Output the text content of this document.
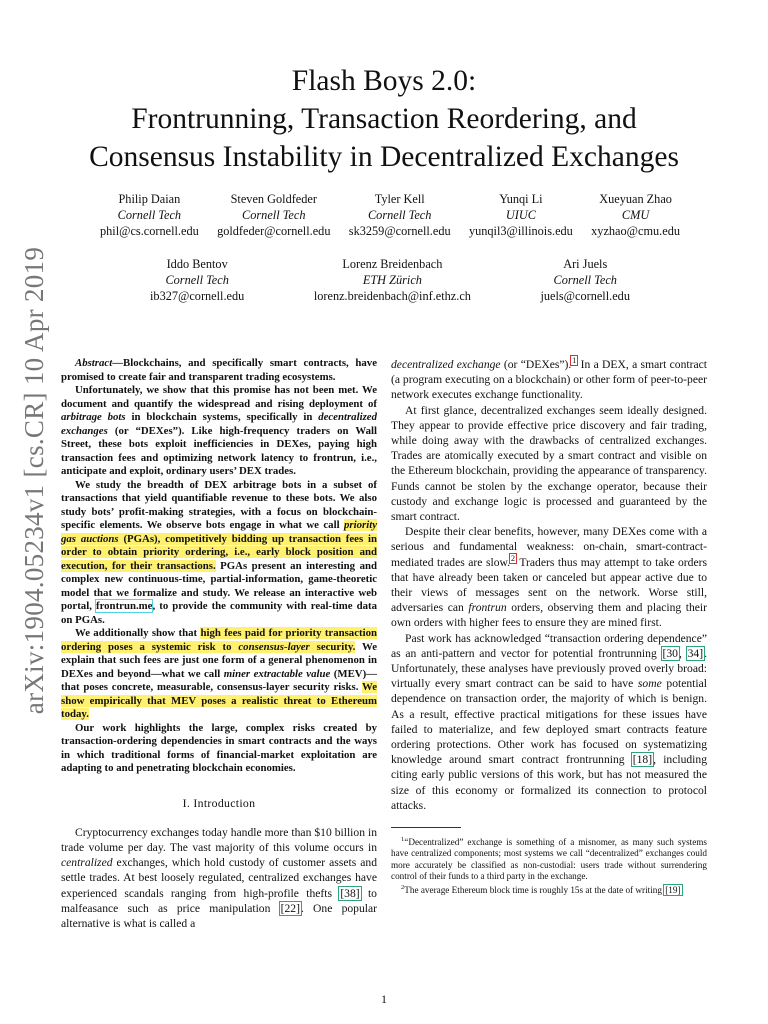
arXiv:1904.05234v1 [cs.CR] 10 Apr 2019
Flash Boys 2.0:
Frontrunning, Transaction Reordering, and
Consensus Instability in Decentralized Exchanges
Philip Daian
Cornell Tech
phil@cs.cornell.edu
Steven Goldfeder
Cornell Tech
goldfeder@cornell.edu
Tyler Kell
Cornell Tech
sk3259@cornell.edu
Yunqi Li
UIUC
yunqil3@illinois.edu
Xueyuan Zhao
CMU
xyzhao@cmu.edu
Iddo Bentov
Cornell Tech
ib327@cornell.edu
Lorenz Breidenbach
ETH Zürich
lorenz.breidenbach@inf.ethz.ch
Ari Juels
Cornell Tech
juels@cornell.edu

Abstract—Blockchains, and specifically smart contracts, have promised to create fair and transparent trading ecosystems.

Unfortunately, we show that this promise has not been met. We document and quantify the widespread and rising deployment of arbitrage bots in blockchain systems, specifically in decentralized exchanges (or “DEXes”). Like high-frequency traders on Wall Street, these bots exploit inefficiencies in DEXes, paying high transaction fees and optimizing network latency to frontrun, i.e., anticipate and exploit, ordinary users’ DEX trades.

We study the breadth of DEX arbitrage bots in a subset of transactions that yield quantifiable revenue to these bots. We also study bots’ profit-making strategies, with a focus on blockchain-specific elements. We observe bots engage in what we call priority gas auctions (PGAs), competitively bidding up transaction fees in order to obtain priority ordering, i.e., early block position and execution, for their transactions. PGAs present an interesting and complex new continuous-time, partial-information, game-theoretic model that we formalize and study. We release an interactive web portal, frontrun.me, to provide the community with real-time data on PGAs.

We additionally show that high fees paid for priority transaction ordering poses a systemic risk to consensus-layer security. We explain that such fees are just one form of a general phenomenon in DEXes and beyond—what we call miner extractable value (MEV)—that poses concrete, measurable, consensus-layer security risks. We show empirically that MEV poses a realistic threat to Ethereum today.

Our work highlights the large, complex risks created by transaction-ordering dependencies in smart contracts and the ways in which traditional forms of financial-market exploitation are adapting to and penetrating blockchain economies.

I. Introduction

Cryptocurrency exchanges today handle more than $10 billion in trade volume per day. The vast majority of this volume occurs in centralized exchanges, which hold custody of customer assets and settle trades. At best loosely regulated, centralized exchanges have experienced scandals ranging from high-profile thefts [38] to malfeasance such as price manipulation [22]. One popular alternative is what is called a

decentralized exchange (or “DEXes”).$^1$ In a DEX, a smart contract (a program executing on a blockchain) or other form of peer-to-peer network executes exchange functionality.

At first glance, decentralized exchanges seem ideally designed. They appear to provide effective price discovery and fair trading, while doing away with the drawbacks of centralized exchanges. Trades are atomically executed by a smart contract and visible on the Ethereum blockchain, providing the appearance of transparency. Funds cannot be stolen by the exchange operator, because their custody and exchange logic is processed and guaranteed by the smart contract.

Despite their clear benefits, however, many DEXes come with a serious and fundamental weakness: on-chain, smart-contract-mediated trades are slow.$^2$ Traders thus may attempt to take orders that have already been taken or canceled but appear active due to their views of messages sent on the network. Worse still, adversaries can frontrun orders, observing them and placing their own orders with higher fees to ensure they are mined first.

Past work has acknowledged “transaction ordering dependence” as an anti-pattern and vector for potential frontrunning [30, 34]. Unfortunately, these analyses have previously proved overly broad: virtually every smart contract can be said to have some potential dependence on transaction order, the majority of which is benign. As a result, effective practical mitigations for these issues have failed to materialize, and few deployed smart contracts feature ordering protections. Other work has focused on systematizing knowledge around smart contract frontrunning [18], including citing early public versions of this work, but has not measured the size of this economy or formalized its connection to protocol attacks.

$^1$“Decentralized” exchange is something of a misnomer, as many such systems have centralized components; most systems we call “decentralized” exchanges could more accurately be classified as non-custodial: users trade without surrendering control of their funds to a third party in the exchange.
$^2$The average Ethereum block time is roughly 15s at the date of writing [19].
1
